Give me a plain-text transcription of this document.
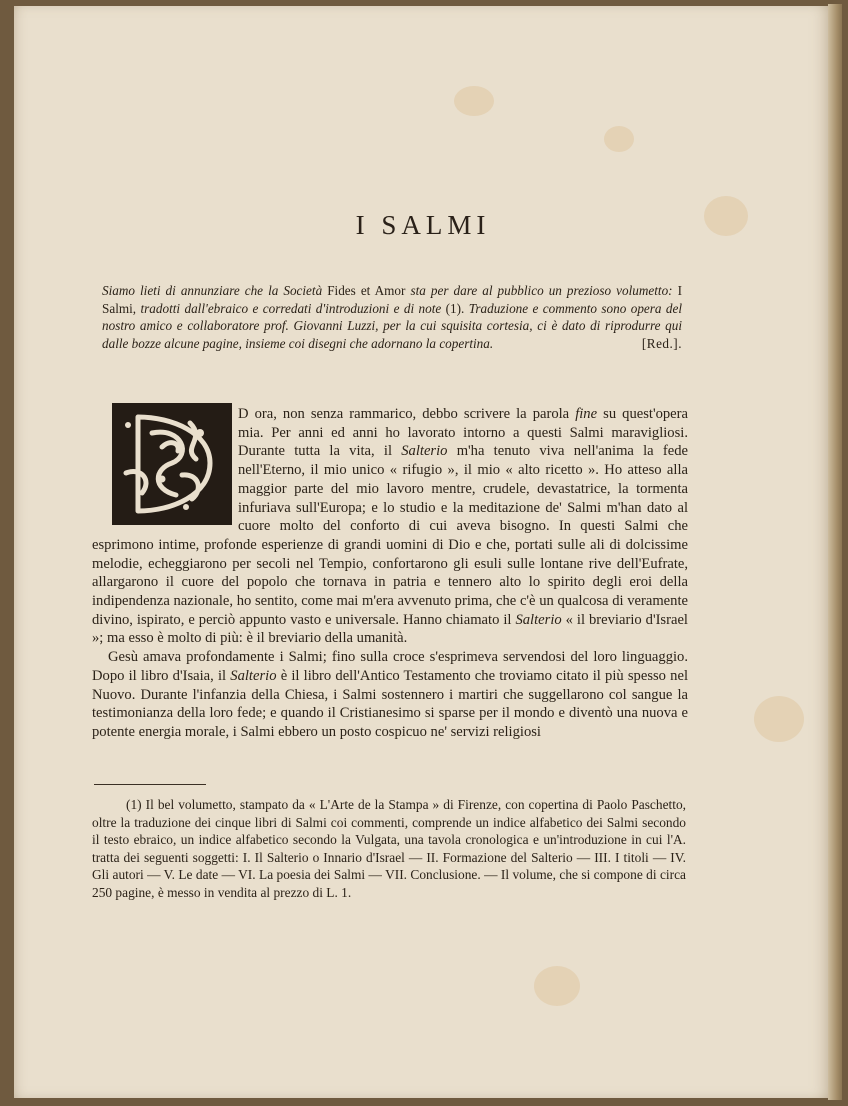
I SALMI
Siamo lieti di annunziare che la Società Fides et Amor sta per dare al pubblico un prezioso volumetto: I Salmi, tradotti dall'ebraico e corredati d'introduzioni e di note (1). Traduzione e commento sono opera del nostro amico e collaboratore prof. Giovanni Luzzi, per la cui squisita cortesia, ci è dato di riprodurre qui dalle bozze alcune pagine, insieme coi disegni che adornano la copertina.	[Red.].

D ora, non senza rammarico, debbo scrivere la parola fine su quest'opera mia. Per anni ed anni ho lavorato intorno a questi Salmi maravigliosi. Durante tutta la vita, il Salterio m'ha tenuto viva nell'anima la fede nell'Eterno, il mio unico « rifugio », il mio « alto ricetto ». Ho atteso alla maggior parte del mio lavoro mentre, crudele, devastatrice, la tormenta infuriava sull'Europa; e lo studio e la meditazione de' Salmi m'han dato al cuore molto del conforto di cui aveva bisogno. In questi Salmi che esprimono intime, profonde esperienze di grandi uomini di Dio e che, portati sulle ali di dolcissime melodie, echeggiarono per secoli nel Tempio, confortarono gli esuli sulle lontane rive dell'Eufrate, allargarono il cuore del popolo che tornava in patria e tennero alto lo spirito degli eroi della indipendenza nazionale, ho sentito, come mai m'era avvenuto prima, che c'è un qualcosa di veramente divino, ispirato, e perciò appunto vasto e universale. Hanno chiamato il Salterio « il breviario d'Israel »; ma esso è molto di più: è il breviario della umanità.

Gesù amava profondamente i Salmi; fino sulla croce s'esprimeva servendosi del loro linguaggio. Dopo il libro d'Isaia, il Salterio è il libro dell'Antico Testamento che troviamo citato il più spesso nel Nuovo. Durante l'infanzia della Chiesa, i Salmi sostennero i martiri che suggellarono col sangue la testimonianza della loro fede; e quando il Cristianesimo si sparse per il mondo e diventò una nuova e potente energia morale, i Salmi ebbero un posto cospicuo ne' servizi religiosi

(1) Il bel volumetto, stampato da « L'Arte de la Stampa » di Firenze, con copertina di Paolo Paschetto, oltre la traduzione dei cinque libri di Salmi coi commenti, comprende un indice alfabetico dei Salmi secondo il testo ebraico, un indice alfabetico secondo la Vulgata, una tavola cronologica e un'introduzione in cui l'A. tratta dei seguenti soggetti: I. Il Salterio o Innario d'Israel — II. Formazione del Salterio — III. I titoli — IV. Gli autori — V. Le date — VI. La poesia dei Salmi — VII. Conclusione. — Il volume, che si compone di circa 250 pagine, è messo in vendita al prezzo di L. 1.
